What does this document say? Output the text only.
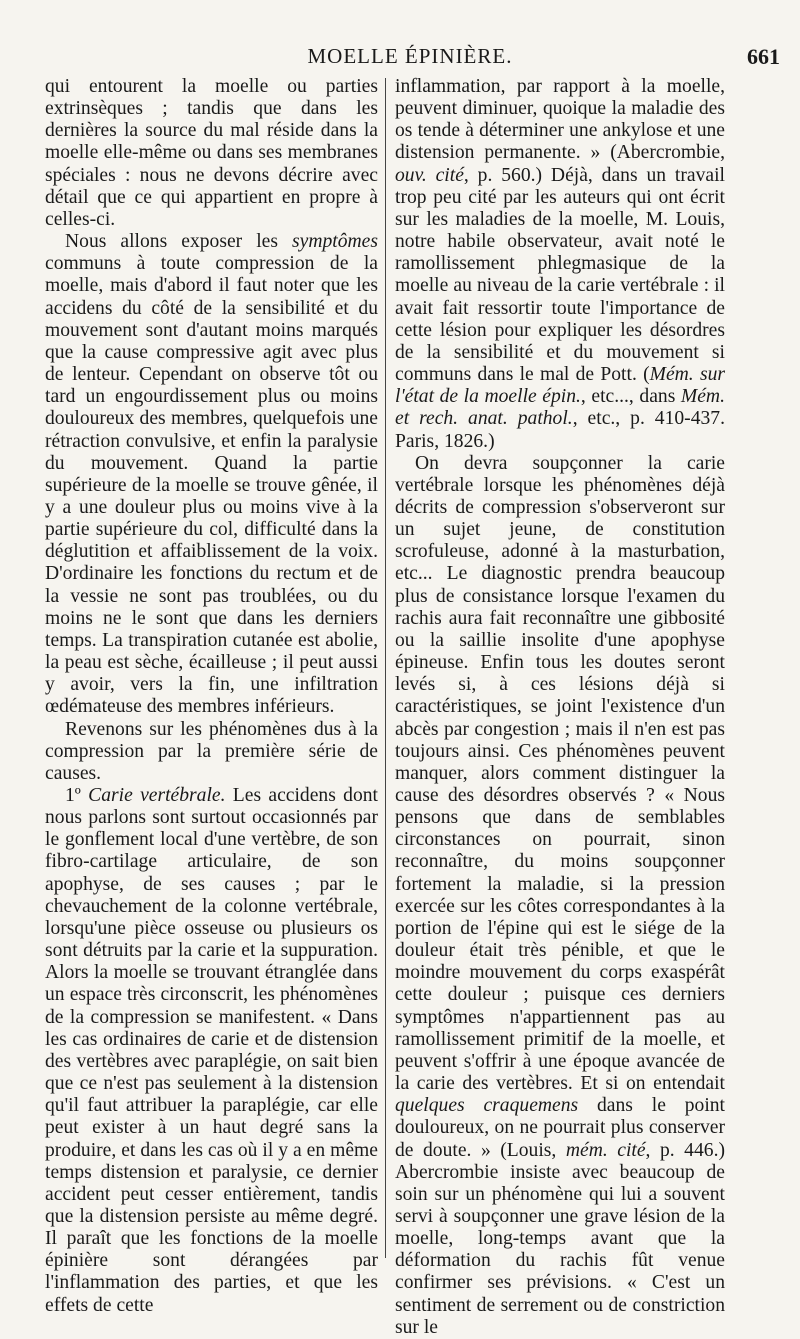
MOELLE ÉPINIÈRE.	661

qui entourent la moelle ou parties extrinsèques ; tandis que dans les dernières la source du mal réside dans la moelle elle-même ou dans ses membranes spéciales : nous ne devons décrire avec détail que ce qui appartient en propre à celles-ci.

Nous allons exposer les symptômes communs à toute compression de la moelle, mais d'abord il faut noter que les accidens du côté de la sensibilité et du mouvement sont d'autant moins marqués que la cause compressive agit avec plus de lenteur. Cependant on observe tôt ou tard un engourdissement plus ou moins douloureux des membres, quelquefois une rétraction convulsive, et enfin la paralysie du mouvement. Quand la partie supérieure de la moelle se trouve gênée, il y a une douleur plus ou moins vive à la partie supérieure du col, difficulté dans la déglutition et affaiblissement de la voix. D'ordinaire les fonctions du rectum et de la vessie ne sont pas troublées, ou du moins ne le sont que dans les derniers temps. La transpiration cutanée est abolie, la peau est sèche, écailleuse ; il peut aussi y avoir, vers la fin, une infiltration œdémateuse des membres inférieurs.

Revenons sur les phénomènes dus à la compression par la première série de causes.

1º Carie vertébrale. Les accidens dont nous parlons sont surtout occasionnés par le gonflement local d'une vertèbre, de son fibro-cartilage articulaire, de son apophyse, de ses causes ; par le chevauchement de la colonne vertébrale, lorsqu'une pièce osseuse ou plusieurs os sont détruits par la carie et la suppuration. Alors la moelle se trouvant étranglée dans un espace très circonscrit, les phénomènes de la compression se manifestent. « Dans les cas ordinaires de carie et de distension des vertèbres avec paraplégie, on sait bien que ce n'est pas seulement à la distension qu'il faut attribuer la paraplégie, car elle peut exister à un haut degré sans la produire, et dans les cas où il y a en même temps distension et paralysie, ce dernier accident peut cesser entièrement, tandis que la distension persiste au même degré. Il paraît que les fonctions de la moelle épinière sont dérangées par l'inflammation des parties, et que les effets de cette

inflammation, par rapport à la moelle, peuvent diminuer, quoique la maladie des os tende à déterminer une ankylose et une distension permanente. » (Abercrombie, ouv. cité, p. 560.) Déjà, dans un travail trop peu cité par les auteurs qui ont écrit sur les maladies de la moelle, M. Louis, notre habile observateur, avait noté le ramollissement phlegmasique de la moelle au niveau de la carie vertébrale : il avait fait ressortir toute l'importance de cette lésion pour expliquer les désordres de la sensibilité et du mouvement si communs dans le mal de Pott. (Mém. sur l'état de la moelle épin., etc..., dans Mém. et rech. anat. pathol., etc., p. 410-437. Paris, 1826.)

On devra soupçonner la carie vertébrale lorsque les phénomènes déjà décrits de compression s'observeront sur un sujet jeune, de constitution scrofuleuse, adonné à la masturbation, etc... Le diagnostic prendra beaucoup plus de consistance lorsque l'examen du rachis aura fait reconnaître une gibbosité ou la saillie insolite d'une apophyse épineuse. Enfin tous les doutes seront levés si, à ces lésions déjà si caractéristiques, se joint l'existence d'un abcès par congestion ; mais il n'en est pas toujours ainsi. Ces phénomènes peuvent manquer, alors comment distinguer la cause des désordres observés ? « Nous pensons que dans de semblables circonstances on pourrait, sinon reconnaître, du moins soupçonner fortement la maladie, si la pression exercée sur les côtes correspondantes à la portion de l'épine qui est le siége de la douleur était très pénible, et que le moindre mouvement du corps exaspérât cette douleur ; puisque ces derniers symptômes n'appartiennent pas au ramollissement primitif de la moelle, et peuvent s'offrir à une époque avancée de la carie des vertèbres. Et si on entendait quelques craquemens dans le point douloureux, on ne pourrait plus conserver de doute. » (Louis, mém. cité, p. 446.) Abercrombie insiste avec beaucoup de soin sur un phénomène qui lui a souvent servi à soupçonner une grave lésion de la moelle, long-temps avant que la déformation du rachis fût venue confirmer ses prévisions. « C'est un sentiment de serrement ou de constriction sur le
